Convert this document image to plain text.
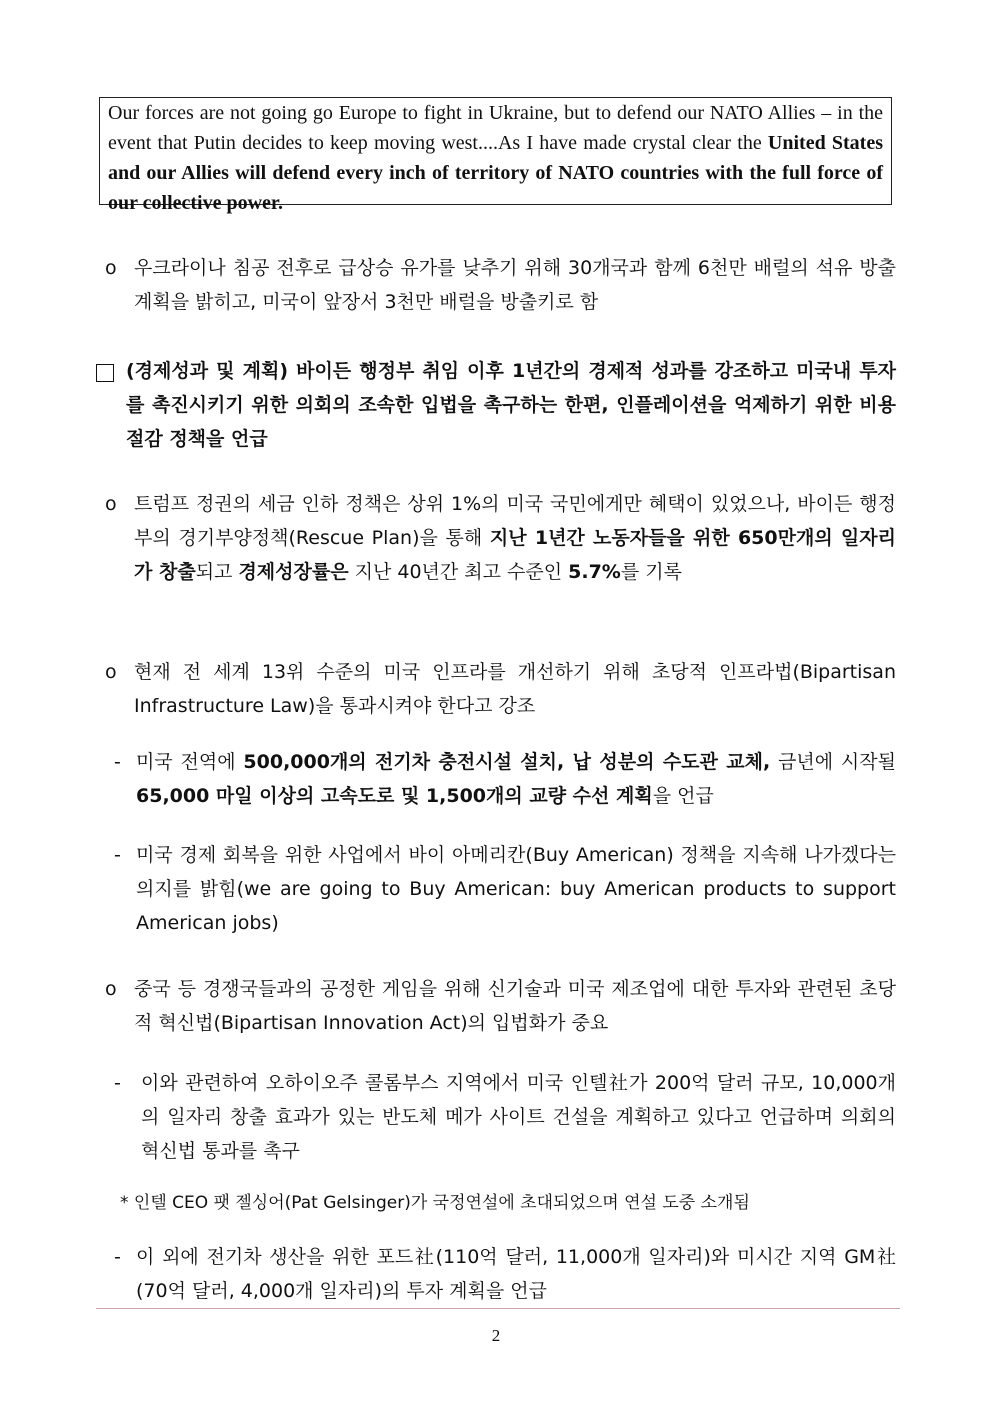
Our forces are not going go Europe to fight in Ukraine, but to defend our NATO Allies – in the event that Putin decides to keep moving west....As I have made crystal clear the United States and our Allies will defend every inch of territory of NATO countries with the full force of our collective power.
o 우크라이나 침공 전후로 급상승 유가를 낮추기 위해 30개국과 함께 6천만 배럴의 석유 방출 계획을 밝히고, 미국이 앞장서 3천만 배럴을 방출키로 함
(경제성과 및 계획) 바이든 행정부 취임 이후 1년간의 경제적 성과를 강조하고 미국내 투자를 촉진시키기 위한 의회의 조속한 입법을 촉구하는 한편, 인플레이션을 억제하기 위한 비용 절감 정책을 언급
o 트럼프 정권의 세금 인하 정책은 상위 1%의 미국 국민에게만 혜택이 있었으나, 바이든 행정부의 경기부양정책(Rescue Plan)을 통해 지난 1년간 노동자들을 위한 650만개의 일자리가 창출되고 경제성장률은 지난 40년간 최고 수준인 5.7%를 기록
o 현재 전 세계 13위 수준의 미국 인프라를 개선하기 위해 초당적 인프라법(Bipartisan Infrastructure Law)을 통과시켜야 한다고 강조
- 미국 전역에 500,000개의 전기차 충전시설 설치, 납 성분의 수도관 교체, 금년에 시작될 65,000 마일 이상의 고속도로 및 1,500개의 교량 수선 계획을 언급
- 미국 경제 회복을 위한 사업에서 바이 아메리칸(Buy American) 정책을 지속해 나가겠다는 의지를 밝힘(we are going to Buy American: buy American products to support American jobs)
o 중국 등 경쟁국들과의 공정한 게임을 위해 신기술과 미국 제조업에 대한 투자와 관련된 초당적 혁신법(Bipartisan Innovation Act)의 입법화가 중요
-	이와 관련하여 오하이오주 콜롬부스 지역에서 미국 인텔社가 200억 달러 규모, 10,000개의 일자리 창출 효과가 있는 반도체 메가 사이트 건설을 계획하고 있다고 언급하며 의회의 혁신법 통과를 촉구
* 인텔 CEO 팻 젤싱어(Pat Gelsinger)가 국정연설에 초대되었으며 연설 도중 소개됨
- 이 외에 전기차 생산을 위한 포드社(110억 달러, 11,000개 일자리)와 미시간 지역 GM社(70억 달러, 4,000개 일자리)의 투자 계획을 언급
2
